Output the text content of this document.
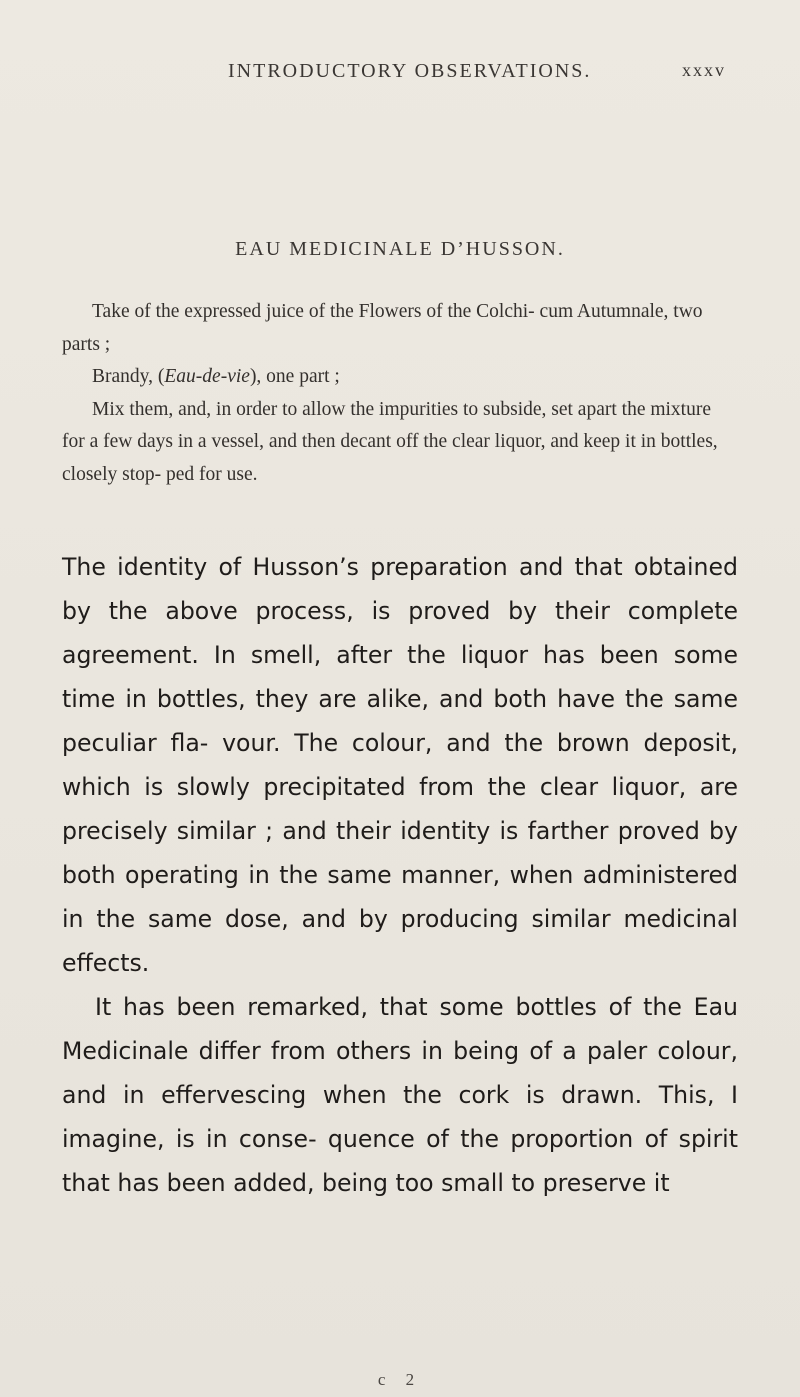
INTRODUCTORY OBSERVATIONS.	xxxv
EAU MEDICINALE D’HUSSON.

Take of the expressed juice of the Flowers of the Colchi- cum Autumnale, two parts ;

Brandy, (Eau-de-vie), one part ;

Mix them, and, in order to allow the impurities to subside, set apart the mixture for a few days in a vessel, and then decant off the clear liquor, and keep it in bottles, closely stop- ped for use.

The identity of Husson’s preparation and that obtained by the above process, is proved by their complete agreement. In smell, after the liquor has been some time in bottles, they are alike, and both have the same peculiar fla- vour. The colour, and the brown deposit, which is slowly precipitated from the clear liquor, are precisely similar ; and their identity is farther proved by both operating in the same manner, when administered in the same dose, and by producing similar medicinal effects.

It has been remarked, that some bottles of the Eau Medicinale differ from others in being of a paler colour, and in effervescing when the cork is drawn. This, I imagine, is in conse- quence of the proportion of spirit that has been added, being too small to preserve it

c 2
